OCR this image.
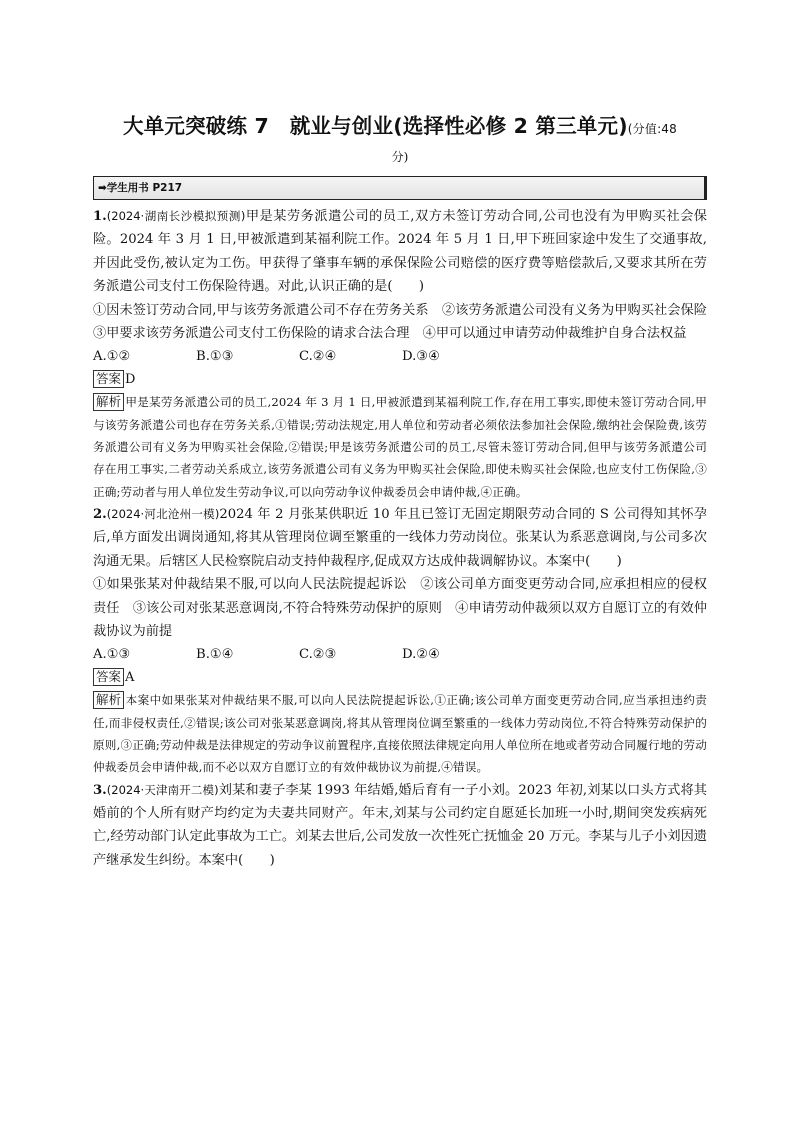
大单元突破练 7　就业与创业(选择性必修 2 第三单元)(分值:48
分)
➡学生用书 P217
1.(2024·湖南长沙模拟预测)甲是某劳务派遣公司的员工,双方未签订劳动合同,公司也没有为甲购买社会保险。2024 年 3 月 1 日,甲被派遣到某福利院工作。2024 年 5 月 1 日,甲下班回家途中发生了交通事故,并因此受伤,被认定为工伤。甲获得了肇事车辆的承保保险公司赔偿的医疗费等赔偿款后,又要求其所在劳务派遣公司支付工伤保险待遇。对此,认识正确的是(　　)
①因未签订劳动合同,甲与该劳务派遣公司不存在劳务关系　②该劳务派遣公司没有义务为甲购买社会保险　③甲要求该劳务派遣公司支付工伤保险的请求合法合理　④甲可以通过申请劳动仲裁维护自身合法权益
A.①②	B.①③	C.②④	D.③④
答案 D
解析 甲是某劳务派遣公司的员工,2024 年 3 月 1 日,甲被派遣到某福利院工作,存在用工事实,即使未签订劳动合同,甲与该劳务派遣公司也存在劳务关系,①错误;劳动法规定,用人单位和劳动者必须依法参加社会保险,缴纳社会保险费,该劳务派遣公司有义务为甲购买社会保险,②错误;甲是该劳务派遣公司的员工,尽管未签订劳动合同,但甲与该劳务派遣公司存在用工事实,二者劳动关系成立,该劳务派遣公司有义务为甲购买社会保险,即使未购买社会保险,也应支付工伤保险,③正确;劳动者与用人单位发生劳动争议,可以向劳动争议仲裁委员会申请仲裁,④正确。
2.(2024·河北沧州一模)2024 年 2 月张某供职近 10 年且已签订无固定期限劳动合同的 S 公司得知其怀孕后,单方面发出调岗通知,将其从管理岗位调至繁重的一线体力劳动岗位。张某认为系恶意调岗,与公司多次沟通无果。后辖区人民检察院启动支持仲裁程序,促成双方达成仲裁调解协议。本案中(　　)
①如果张某对仲裁结果不服,可以向人民法院提起诉讼　②该公司单方面变更劳动合同,应承担相应的侵权责任　③该公司对张某恶意调岗,不符合特殊劳动保护的原则　④申请劳动仲裁须以双方自愿订立的有效仲裁协议为前提
A.①③	B.①④	C.②③	D.②④
答案 A
解析 本案中如果张某对仲裁结果不服,可以向人民法院提起诉讼,①正确;该公司单方面变更劳动合同,应当承担违约责任,而非侵权责任,②错误;该公司对张某恶意调岗,将其从管理岗位调至繁重的一线体力劳动岗位,不符合特殊劳动保护的原则,③正确;劳动仲裁是法律规定的劳动争议前置程序,直接依照法律规定向用人单位所在地或者劳动合同履行地的劳动仲裁委员会申请仲裁,而不必以双方自愿订立的有效仲裁协议为前提,④错误。
3.(2024·天津南开二模)刘某和妻子李某 1993 年结婚,婚后育有一子小刘。2023 年初,刘某以口头方式将其婚前的个人所有财产均约定为夫妻共同财产。年末,刘某与公司约定自愿延长加班一小时,期间突发疾病死亡,经劳动部门认定此事故为工亡。刘某去世后,公司发放一次性死亡抚恤金 20 万元。李某与儿子小刘因遗产继承发生纠纷。本案中(　　)
